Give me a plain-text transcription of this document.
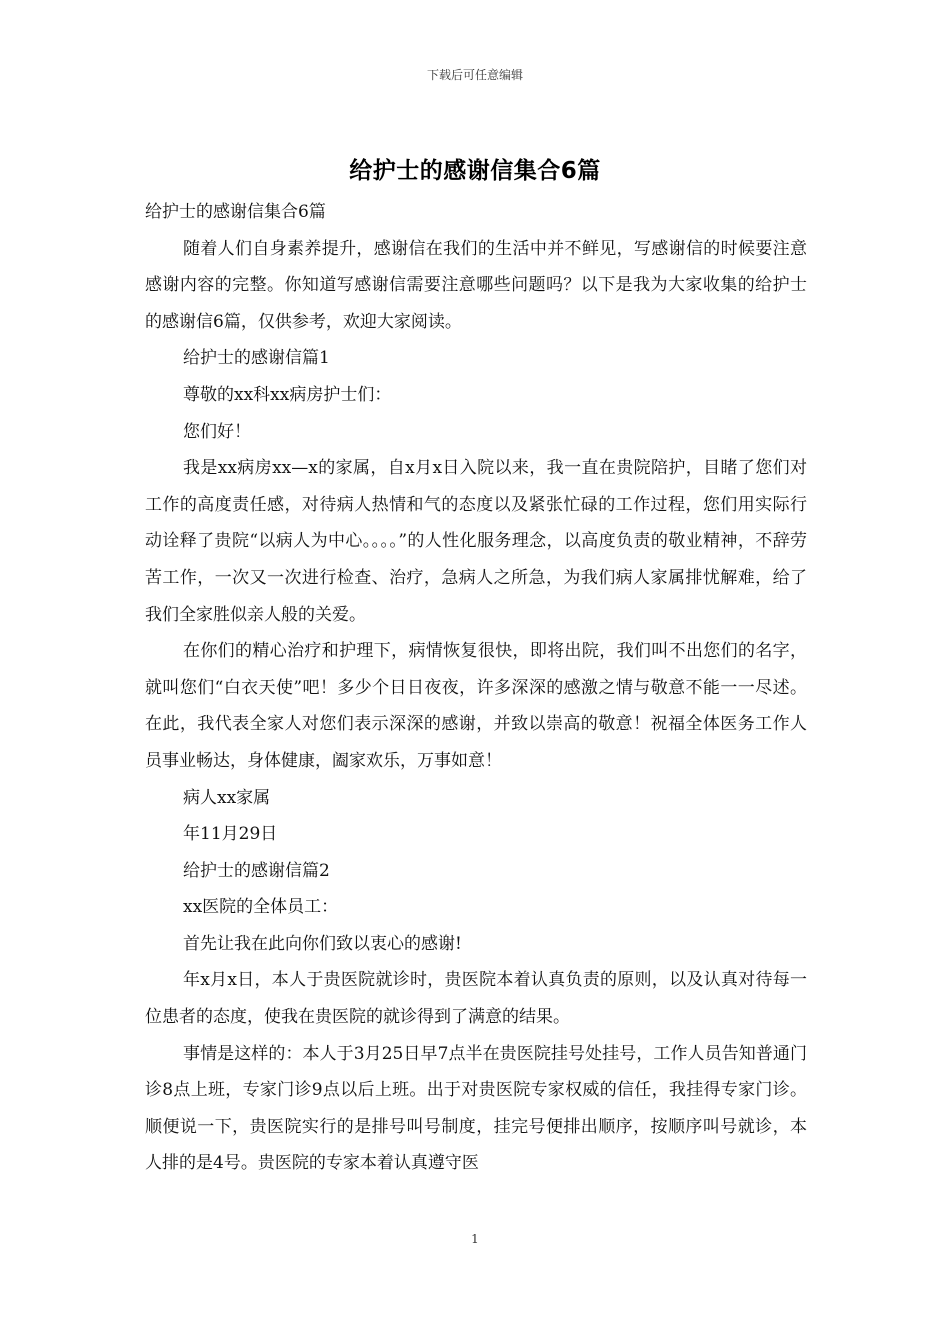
下载后可任意编辑
给护士的感谢信集合6篇

给护士的感谢信集合6篇

随着人们自身素养提升，感谢信在我们的生活中并不鲜见，写感谢信的时候要注意感谢内容的完整。你知道写感谢信需要注意哪些问题吗？以下是我为大家收集的给护士的感谢信6篇，仅供参考，欢迎大家阅读。

给护士的感谢信篇1

尊敬的xx科xx病房护士们：

您们好！

我是xx病房xx—x的家属，自x月x日入院以来，我一直在贵院陪护，目睹了您们对工作的高度责任感，对待病人热情和气的态度以及紧张忙碌的工作过程，您们用实际行动诠释了贵院“以病人为中心。。。。”的人性化服务理念，以高度负责的敬业精神，不辞劳苦工作，一次又一次进行检查、治疗，急病人之所急，为我们病人家属排忧解难，给了我们全家胜似亲人般的关爱。

在你们的精心治疗和护理下，病情恢复很快，即将出院，我们叫不出您们的名字，就叫您们“白衣天使”吧！多少个日日夜夜，许多深深的感激之情与敬意不能一一尽述。在此，我代表全家人对您们表示深深的感谢，并致以崇高的敬意！祝福全体医务工作人员事业畅达，身体健康，阖家欢乐，万事如意！

病人xx家属

年11月29日

给护士的感谢信篇2

xx医院的全体员工：

首先让我在此向你们致以衷心的感谢!

年x月x日，本人于贵医院就诊时，贵医院本着认真负责的原则，以及认真对待每一位患者的态度，使我在贵医院的就诊得到了满意的结果。

事情是这样的：本人于3月25日早7点半在贵医院挂号处挂号，工作人员告知普通门诊8点上班，专家门诊9点以后上班。出于对贵医院专家权威的信任，我挂得专家门诊。顺便说一下，贵医院实行的是排号叫号制度，挂完号便排出顺序，按顺序叫号就诊，本人排的是4号。贵医院的专家本着认真遵守医

1
